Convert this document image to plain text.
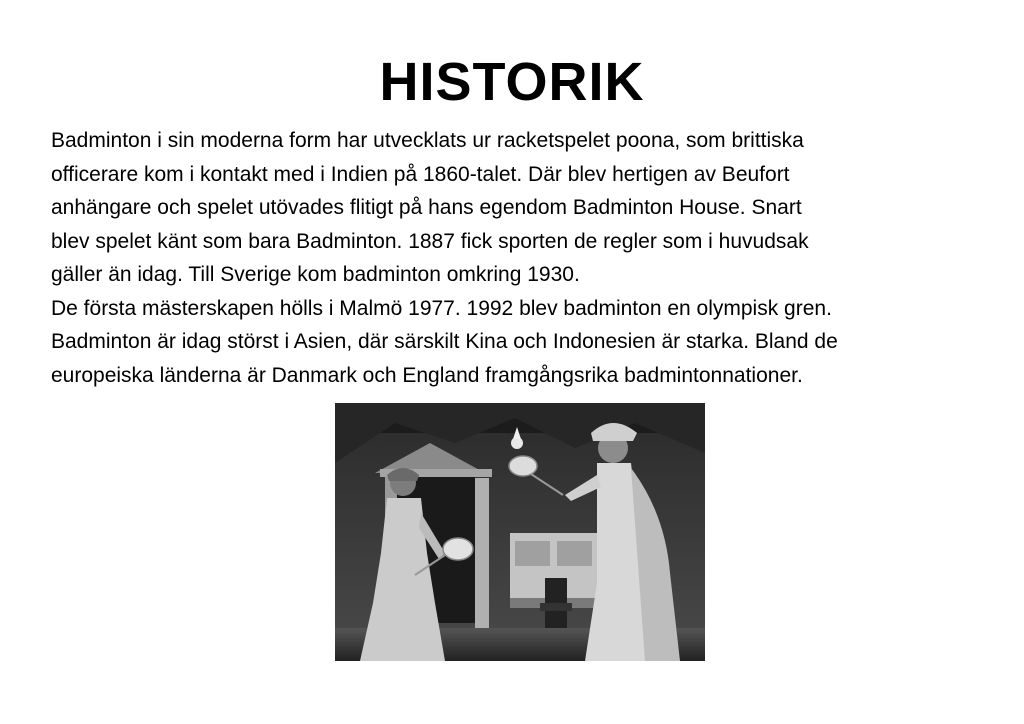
HISTORIK
Badminton i sin moderna form har utvecklats ur racketspelet poona, som brittiska
officerare kom i kontakt med i Indien på 1860-talet. Där blev hertigen av Beufort
anhängare och spelet utövades flitigt på hans egendom Badminton House. Snart
blev spelet känt som bara Badminton. 1887 fick sporten de regler som i huvudsak
gäller än idag. Till Sverige kom badminton omkring 1930.
De första mästerskapen hölls i Malmö 1977. 1992 blev badminton en olympisk gren.
Badminton är idag störst i Asien, där särskilt Kina och Indonesien är starka. Bland de
europeiska länderna är Danmark och England framgångsrika badmintonnationer.
